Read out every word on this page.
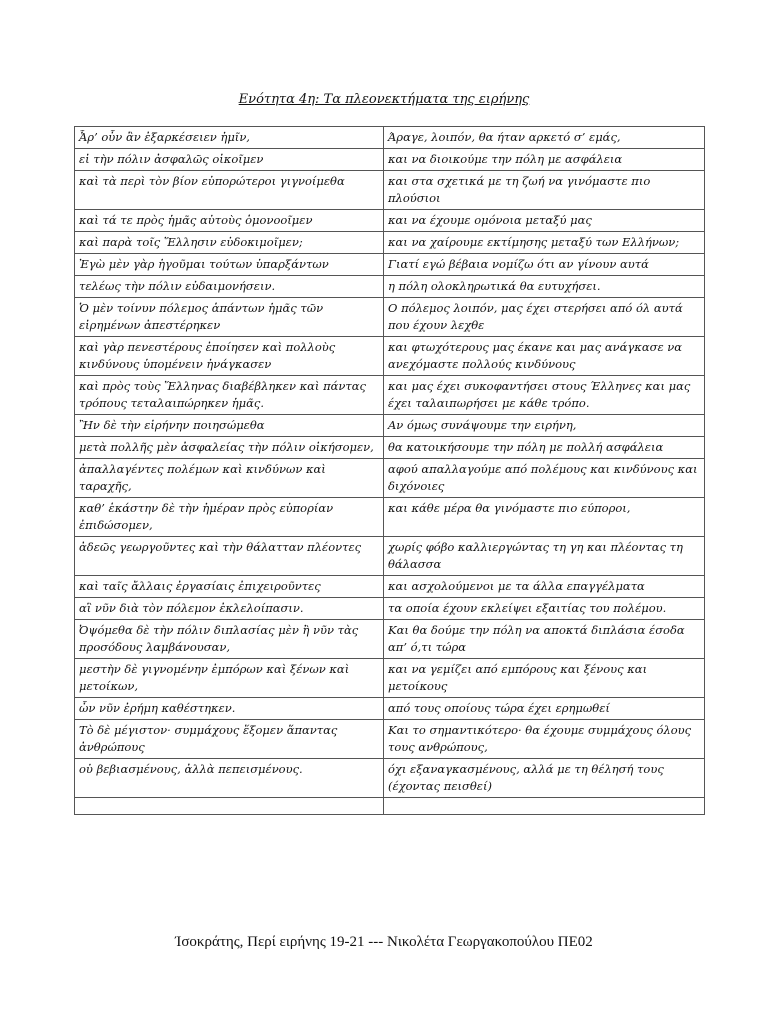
Ενότητα 4η: Τα πλεονεκτήματα της ειρήνης
Ἆρ’ οὖν ἂν ἐξαρκέσειεν ἡμῖν,	Άραγε, λοιπόν, θα ήταν αρκετό σ’ εμάς,
εἰ τὴν πόλιν ἀσφαλῶς οἰκοῖμεν	και να διοικούμε την πόλη με ασφάλεια
καὶ τὰ περὶ τὸν βίον εὐπορώτεροι γιγνοίμεθα	και στα σχετικά με τη ζωή να γινόμαστε πιο πλούσιοι
καὶ τά τε πρὸς ἡμᾶς αὐτοὺς ὁμονοοῖμεν	και να έχουμε ομόνοια μεταξύ μας
καὶ παρὰ τοῖς Ἕλλησιν εὐδοκιμοῖμεν;	και να χαίρουμε εκτίμησης μεταξύ των Ελλήνων;
Ἐγὼ μὲν γὰρ ἡγοῦμαι τούτων ὑπαρξάντων	Γιατί εγώ βέβαια νομίζω ότι αν γίνουν αυτά
τελέως τὴν πόλιν εὐδαιμονήσειν.	η πόλη ολοκληρωτικά θα ευτυχήσει.
Ὁ μὲν τοίνυν πόλεμος ἁπάντων ἡμᾶς τῶν εἰρημένων ἀπεστέρηκεν	Ο πόλεμος λοιπόν, μας έχει στερήσει από όλ αυτά που έχουν λεχθε
καὶ γὰρ πενεστέρους ἐποίησεν καὶ πολλοὺς κινδύνους ὑπομένειν ἠνάγκασεν	και φτωχότερους μας έκανε και μας ανάγκασε να ανεχόμαστε πολλούς κινδύνους
καὶ πρὸς τοὺς Ἕλληνας διαβέβληκεν καὶ πάντας τρόπους τεταλαιπώρηκεν ἡμᾶς.	και μας έχει συκοφαντήσει στους Έλληνες και μας έχει ταλαιπωρήσει με κάθε τρόπο.
Ἢν δὲ τὴν εἰρήνην ποιησώμεθα	Αν όμως συνάψουμε την ειρήνη,
μετὰ πολλῆς μὲν ἀσφαλείας τὴν πόλιν οἰκήσομεν,	θα κατοικήσουμε την πόλη με πολλή ασφάλεια
ἀπαλλαγέντες πολέμων καὶ κινδύνων καὶ ταραχῆς,	αφού απαλλαγούμε από πολέμους και κινδύνους και διχόνοιες
καθ’ ἑκάστην δὲ τὴν ἡμέραν πρὸς εὐπορίαν ἐπιδώσομεν,	και κάθε μέρα θα γινόμαστε πιο εύποροι,
ἀδεῶς γεωργοῦντες καὶ τὴν θάλατταν πλέοντες	χωρίς φόβο καλλιεργώντας τη γη και πλέοντας τη θάλασσα
καὶ ταῖς ἄλλαις ἐργασίαις ἐπιχειροῦντες	και ασχολούμενοι με τα άλλα επαγγέλματα
αἳ νῦν διὰ τὸν πόλεμον ἐκλελοίπασιν.	τα οποία έχουν εκλείψει εξαιτίας του πολέμου.
Ὀψόμεθα δὲ τὴν πόλιν διπλασίας μὲν ἢ νῦν τὰς προσόδους λαμβάνουσαν,	Και θα δούμε την πόλη να αποκτά διπλάσια έσοδα απ’ ό,τι τώρα
μεστὴν δὲ γιγνομένην ἐμπόρων καὶ ξένων καὶ μετοίκων,	και να γεμίζει από εμπόρους και ξένους και μετοίκους
ὧν νῦν ἐρήμη καθέστηκεν.	από τους οποίους τώρα έχει ερημωθεί
Τὸ δὲ μέγιστον· συμμάχους ἕξομεν ἅπαντας ἀνθρώπους	Και το σημαντικότερο· θα έχουμε συμμάχους όλους τους ανθρώπους,
οὐ βεβιασμένους, ἀλλὰ πεπεισμένους.	όχι εξαναγκασμένους, αλλά με τη θέλησή τους (έχοντας πεισθεί)

Ίσοκράτης, Περί ειρήνης 19-21 --- Νικολέτα Γεωργακοπούλου ΠΕ02
